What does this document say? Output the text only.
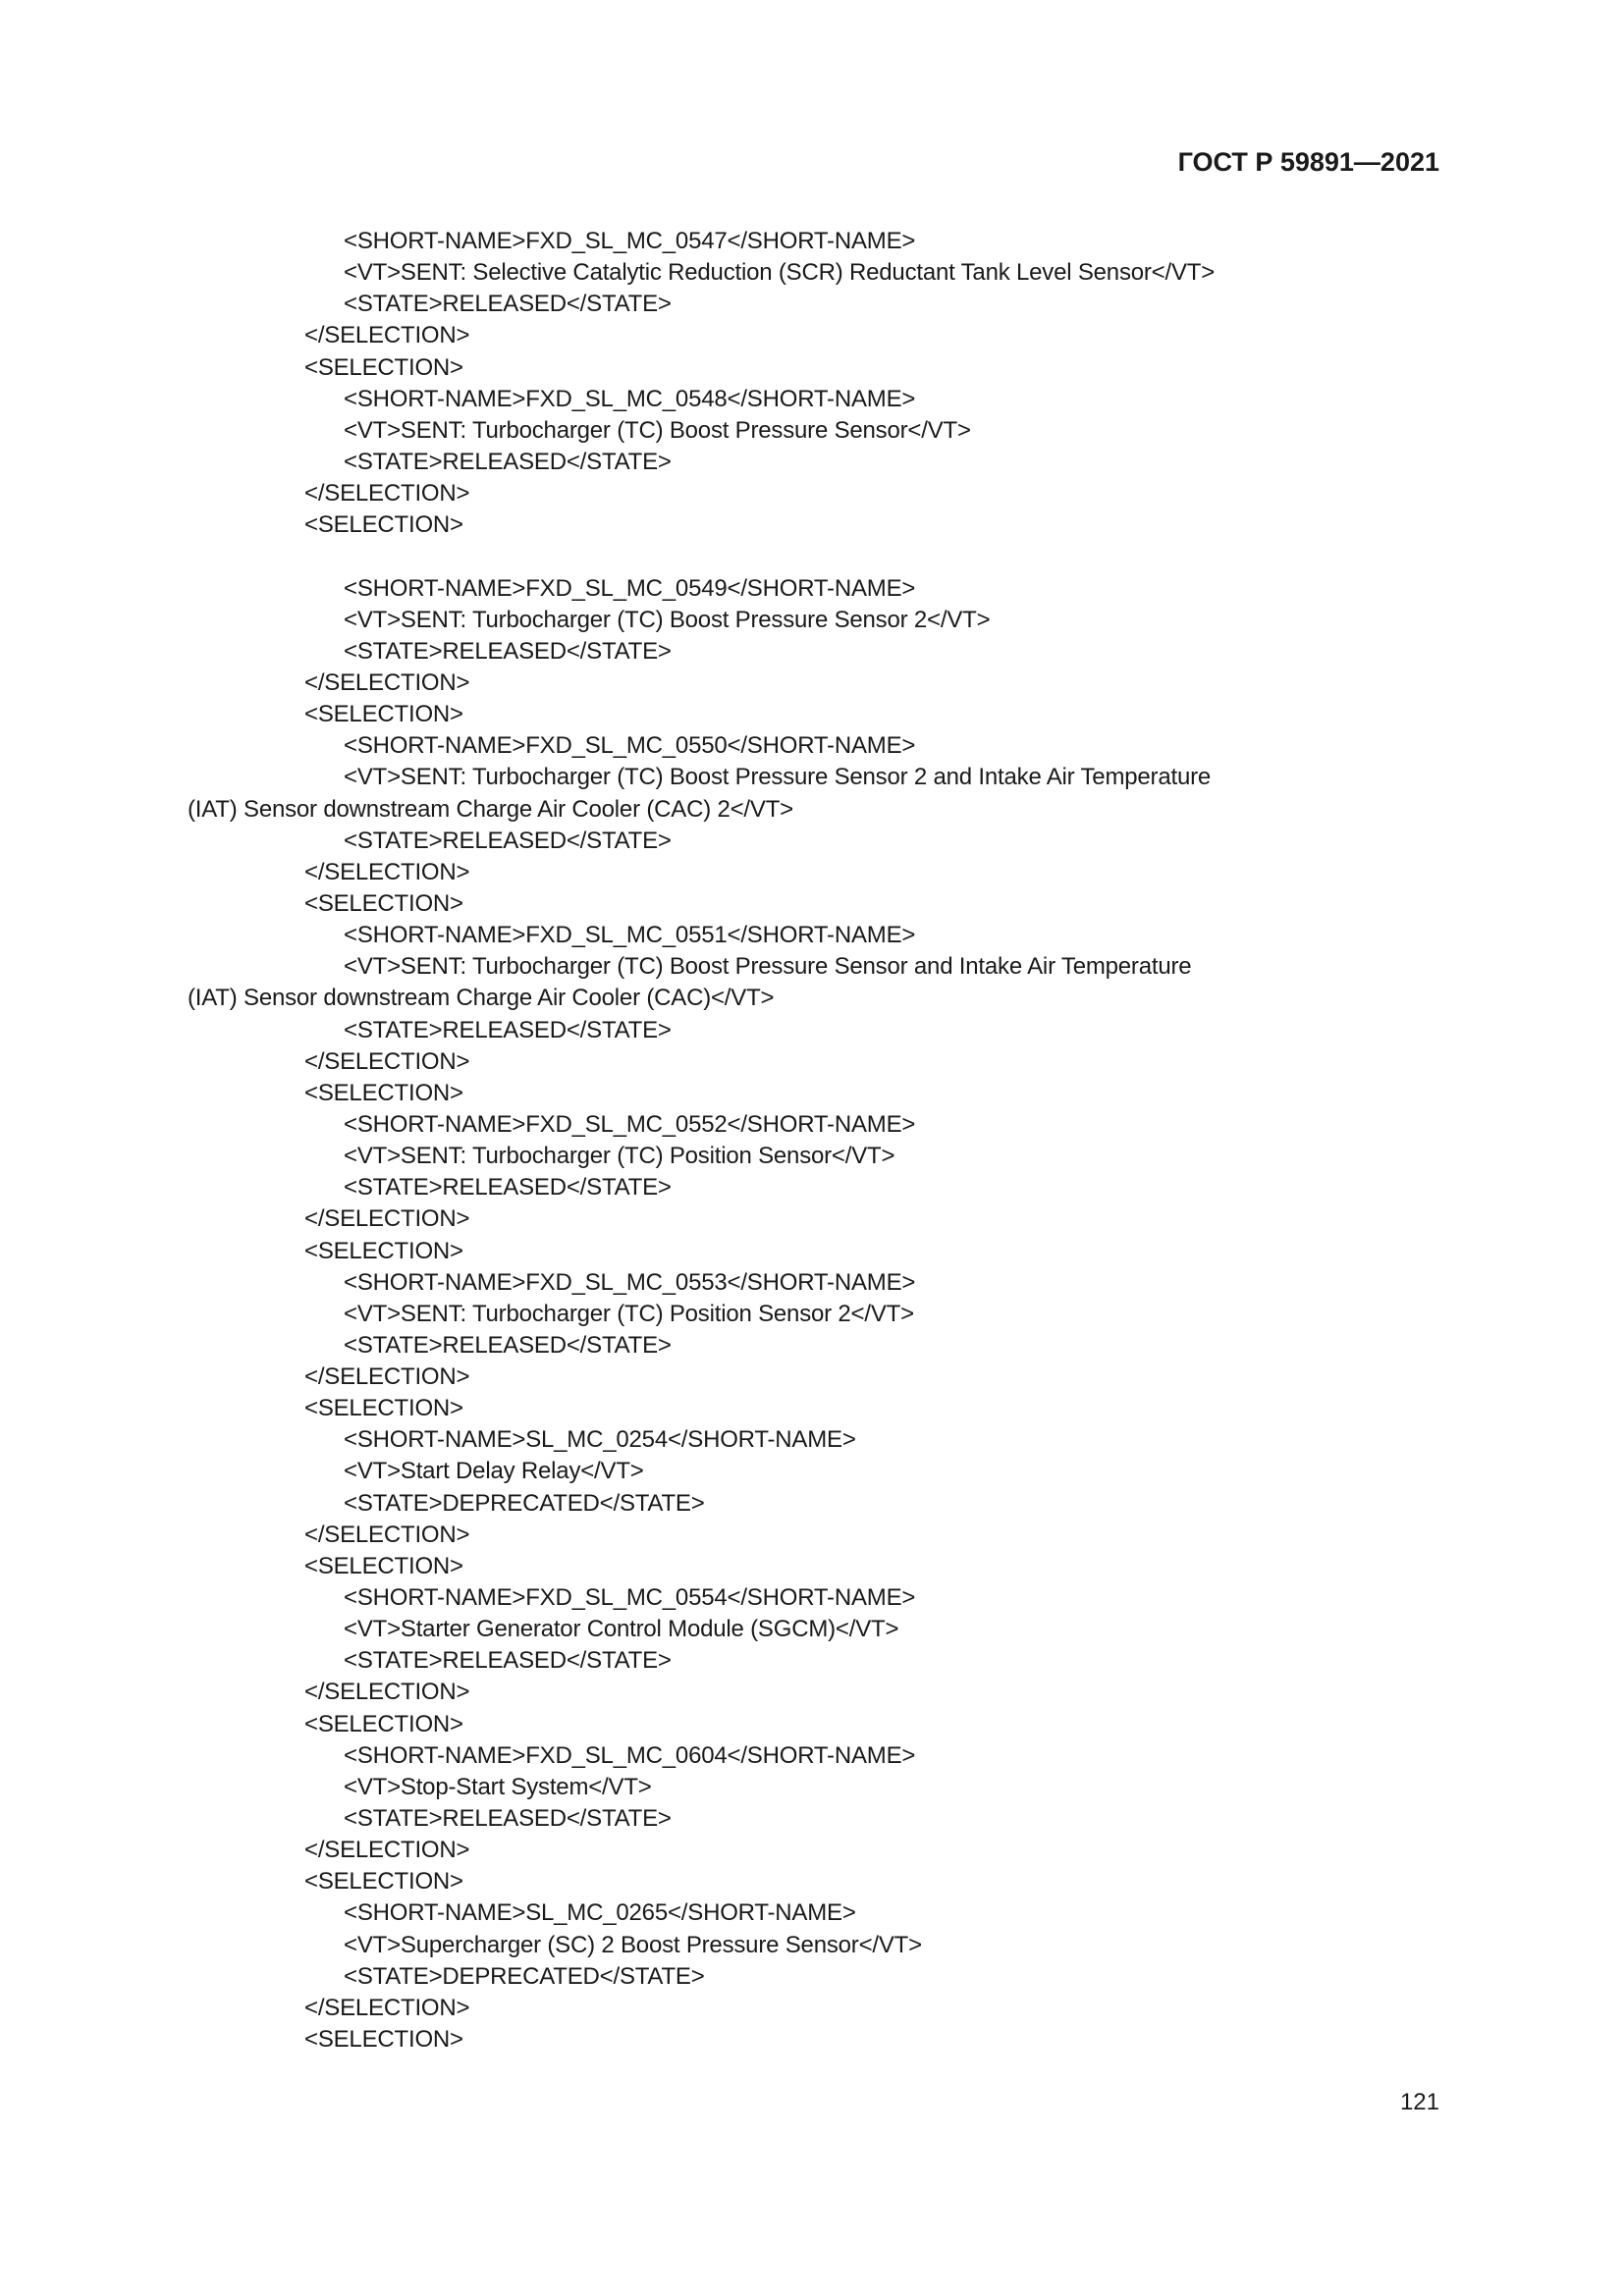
ГОСТ Р 59891—2021
<SHORT-NAME>FXD_SL_MC_0547</SHORT-NAME>
<VT>SENT: Selective Catalytic Reduction (SCR) Reductant Tank Level Sensor</VT>
<STATE>RELEASED</STATE>
</SELECTION>
<SELECTION>
<SHORT-NAME>FXD_SL_MC_0548</SHORT-NAME>
<VT>SENT: Turbocharger (TC) Boost Pressure Sensor</VT>
<STATE>RELEASED</STATE>
</SELECTION>
<SELECTION>
<SHORT-NAME>FXD_SL_MC_0549</SHORT-NAME>
<VT>SENT: Turbocharger (TC) Boost Pressure Sensor 2</VT>
<STATE>RELEASED</STATE>
</SELECTION>
<SELECTION>
<SHORT-NAME>FXD_SL_MC_0550</SHORT-NAME>
<VT>SENT: Turbocharger (TC) Boost Pressure Sensor 2 and Intake Air Temperature
(IAT) Sensor downstream Charge Air Cooler (CAC) 2</VT>
<STATE>RELEASED</STATE>
</SELECTION>
<SELECTION>
<SHORT-NAME>FXD_SL_MC_0551</SHORT-NAME>
<VT>SENT: Turbocharger (TC) Boost Pressure Sensor and Intake Air Temperature
(IAT) Sensor downstream Charge Air Cooler (CAC)</VT>
<STATE>RELEASED</STATE>
</SELECTION>
<SELECTION>
<SHORT-NAME>FXD_SL_MC_0552</SHORT-NAME>
<VT>SENT: Turbocharger (TC) Position Sensor</VT>
<STATE>RELEASED</STATE>
</SELECTION>
<SELECTION>
<SHORT-NAME>FXD_SL_MC_0553</SHORT-NAME>
<VT>SENT: Turbocharger (TC) Position Sensor 2</VT>
<STATE>RELEASED</STATE>
</SELECTION>
<SELECTION>
<SHORT-NAME>SL_MC_0254</SHORT-NAME>
<VT>Start Delay Relay</VT>
<STATE>DEPRECATED</STATE>
</SELECTION>
<SELECTION>
<SHORT-NAME>FXD_SL_MC_0554</SHORT-NAME>
<VT>Starter Generator Control Module (SGCM)</VT>
<STATE>RELEASED</STATE>
</SELECTION>
<SELECTION>
<SHORT-NAME>FXD_SL_MC_0604</SHORT-NAME>
<VT>Stop-Start System</VT>
<STATE>RELEASED</STATE>
</SELECTION>
<SELECTION>
<SHORT-NAME>SL_MC_0265</SHORT-NAME>
<VT>Supercharger (SC) 2 Boost Pressure Sensor</VT>
<STATE>DEPRECATED</STATE>
</SELECTION>
<SELECTION>
121
